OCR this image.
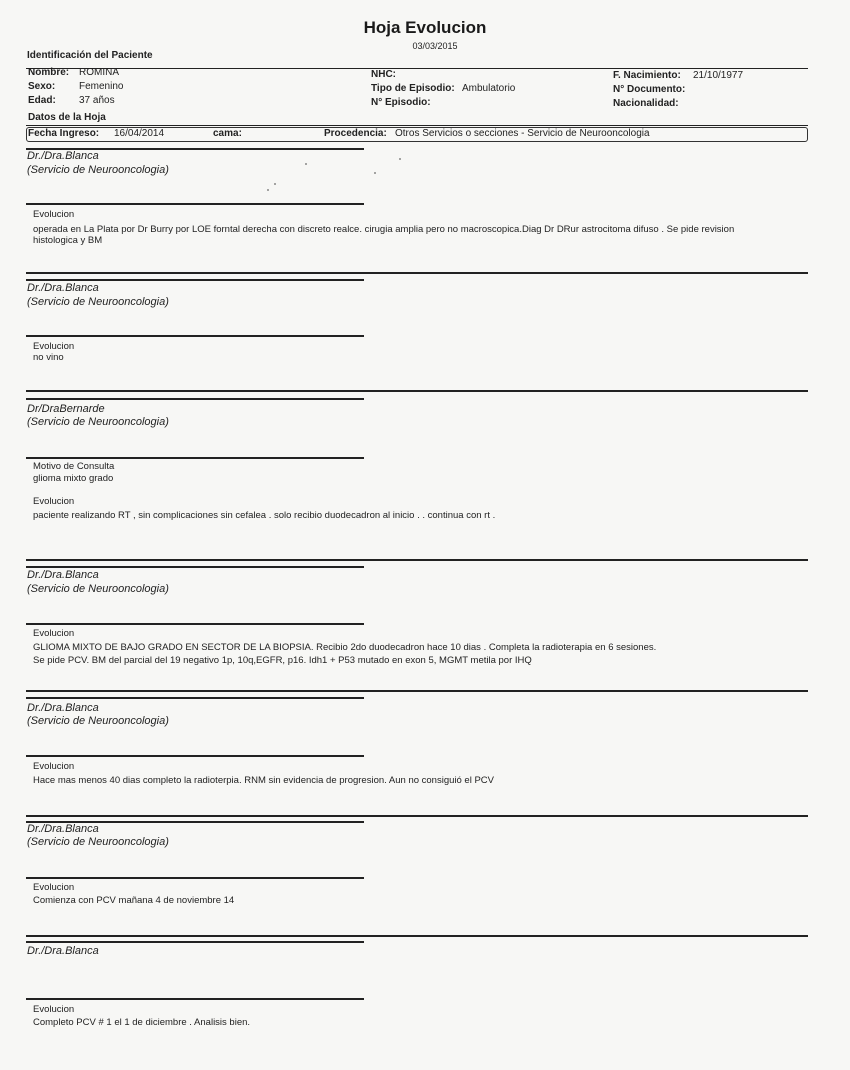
Hoja Evolucion
03/03/2015
Identificación del Paciente
Nombre: ROMINA
Sexo: Femenino
Edad: 37 años
NHC:
Tipo de Episodio: Ambulatorio
N° Episodio:
F. Nacimiento: 21/10/1977
N° Documento:
Nacionalidad:
Datos de la Hoja
Fecha Ingreso: 16/04/2014	cama:	Procedencia: Otros Servicios o secciones - Servicio de Neurooncologia
Dr./Dra.Blanca
(Servicio de Neurooncologia)
Evolucion
operada en La Plata por Dr Burry por LOE forntal derecha con discreto realce. cirugia amplia pero no macroscopica.Diag Dr DRur astrocitoma difuso . Se pide revision
histologica y BM
Dr./Dra.Blanca
(Servicio de Neurooncologia)
Evolucion
no vino
Dr/DraBernarde
(Servicio de Neurooncologia)
Motivo de Consulta
glioma mixto grado
Evolucion
paciente realizando RT , sin complicaciones sin cefalea . solo recibio duodecadron al inicio . . continua con rt .
Dr./Dra.Blanca
(Servicio de Neurooncologia)
Evolucion
GLIOMA MIXTO DE BAJO GRADO EN SECTOR DE LA BIOPSIA. Recibio 2do duodecadron hace 10 dias . Completa la radioterapia en 6 sesiones.
Se pide PCV. BM del parcial del 19 negativo 1p, 10q,EGFR, p16. Idh1 + P53 mutado en exon 5, MGMT metila por IHQ
Dr./Dra.Blanca
(Servicio de Neurooncologia)
Evolucion
Hace mas menos 40 dias completo la radioterpia. RNM sin evidencia de progresion. Aun no consiguió el PCV
Dr./Dra.Blanca
(Servicio de Neurooncologia)
Evolucion
Comienza con PCV mañana 4 de noviembre 14
Dr./Dra.Blanca
Evolucion
Completo PCV # 1 el 1 de diciembre . Analisis bien.
